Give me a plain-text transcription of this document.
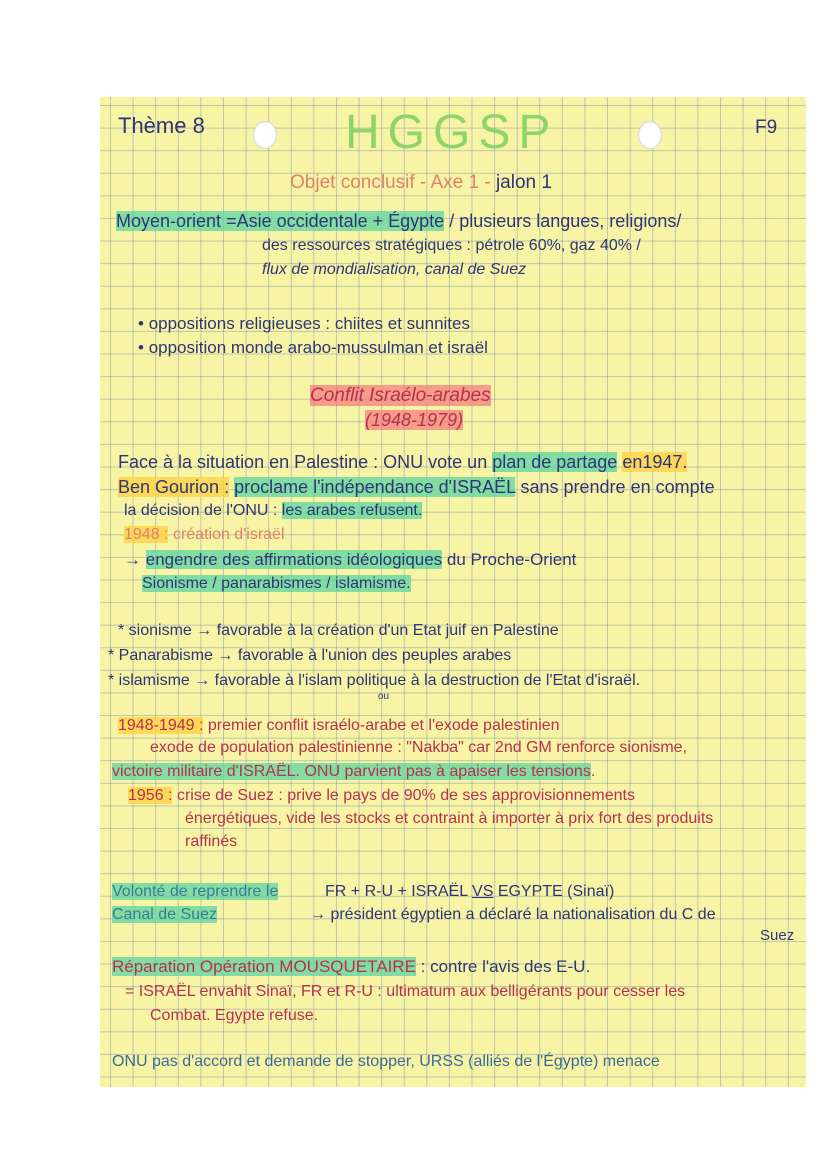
Thème 8	HGGSP	F9
Objet conclusif - Axe 1 - jalon 1
Moyen-orient =Asie occidentale + Égypte / plusieurs langues, religions/
des ressources stratégiques : pétrole 60%, gaz 40% /
flux de mondialisation, canal de Suez
• oppositions religieuses : chiites et sunnites
• opposition monde arabo-mussulman et israël
Conflit Israélo-arabes
(1948-1979)
Face à la situation en Palestine : ONU vote un plan de partage en1947.
Ben Gourion : proclame l'indépendance d'ISRAËL sans prendre en compte
la décision de l'ONU : les arabes refusent.
1948 : création d'israël
→ engendre des affirmations idéologiques du Proche-Orient
Sionisme / panarabismes / islamisme.
* sionisme → favorable à la création d'un Etat juif en Palestine
* Panarabisme → favorable à l'union des peuples arabes
* islamisme → favorable à l'islam politique à la destruction de l'Etat d'israël.
ou
1948-1949 : premier conflit israélo-arabe et l'exode palestinien
exode de population palestinienne : "Nakba" car 2nd GM renforce sionisme,
victoire militaire d'ISRAËL. ONU parvient pas à apaiser les tensions.
1956 : crise de Suez : prive le pays de 90% de ses approvisionnements
énergétiques, vide les stocks et contraint à importer à prix fort des produits
raffinés
Volonté de reprendre le
Canal de Suez
FR + R-U + ISRAËL VS EGYPTE (Sinaï)
→ président égyptien a déclaré la nationalisation du C de
Suez
Réparation Opération MOUSQUETAIRE : contre l'avis des E-U.
= ISRAËL envahit Sinaï, FR et R-U : ultimatum aux belligérants pour cesser les
Combat. Egypte refuse.
ONU pas d'accord et demande de stopper, URSS (alliés de l'Égypte) menace
